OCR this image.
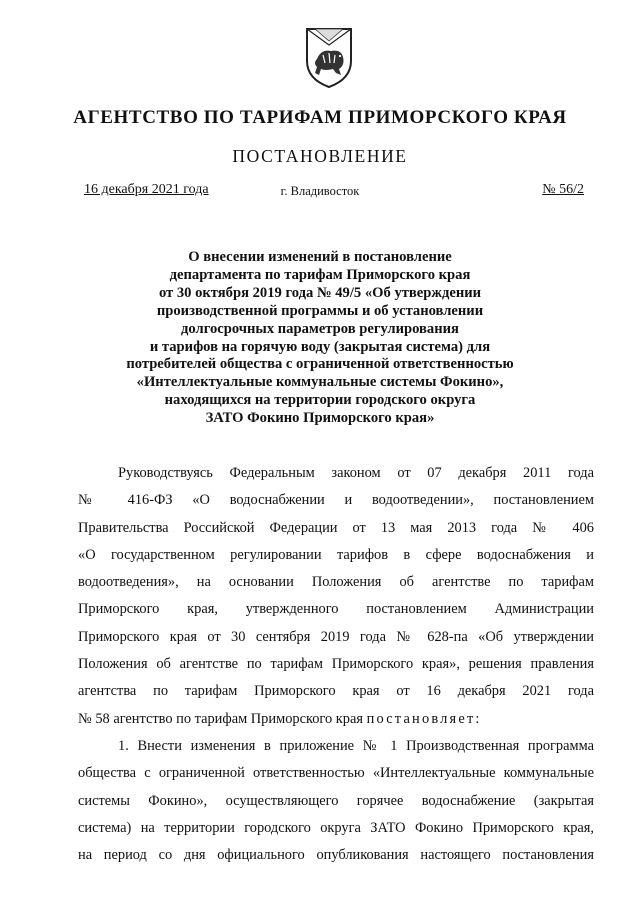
АГЕНТСТВО ПО ТАРИФАМ ПРИМОРСКОГО КРАЯ
ПОСТАНОВЛЕНИЕ
16 декабря 2021 года	г. Владивосток	№ 56/2
О внесении изменений в постановление
департамента по тарифам Приморского края
от 30 октября 2019 года № 49/5 «Об утверждении
производственной программы и об установлении
долгосрочных параметров регулирования
и тарифов на горячую воду (закрытая система) для
потребителей общества с ограниченной ответственностью
«Интеллектуальные коммунальные системы Фокино»,
находящихся на территории городского округа
ЗАТО Фокино Приморского края»
Руководствуясь Федеральным законом от 07 декабря 2011 года
№ 416-ФЗ «О водоснабжении и водоотведении», постановлением
Правительства Российской Федерации от 13 мая 2013 года № 406
«О государственном регулировании тарифов в сфере водоснабжения и
водоотведения», на основании Положения об агентстве по тарифам
Приморского края, утвержденного постановлением Администрации
Приморского края от 30 сентября 2019 года № 628-па «Об утверждении
Положения об агентстве по тарифам Приморского края», решения правления
агентства по тарифам Приморского края от 16 декабря 2021 года
№ 58 агентство по тарифам Приморского края постановляет:
1. Внести изменения в приложение № 1 Производственная программа
общества с ограниченной ответственностью «Интеллектуальные коммунальные
системы Фокино», осуществляющего горячее водоснабжение (закрытая
система) на территории городского округа ЗАТО Фокино Приморского края,
на период со дня официального опубликования настоящего постановления
